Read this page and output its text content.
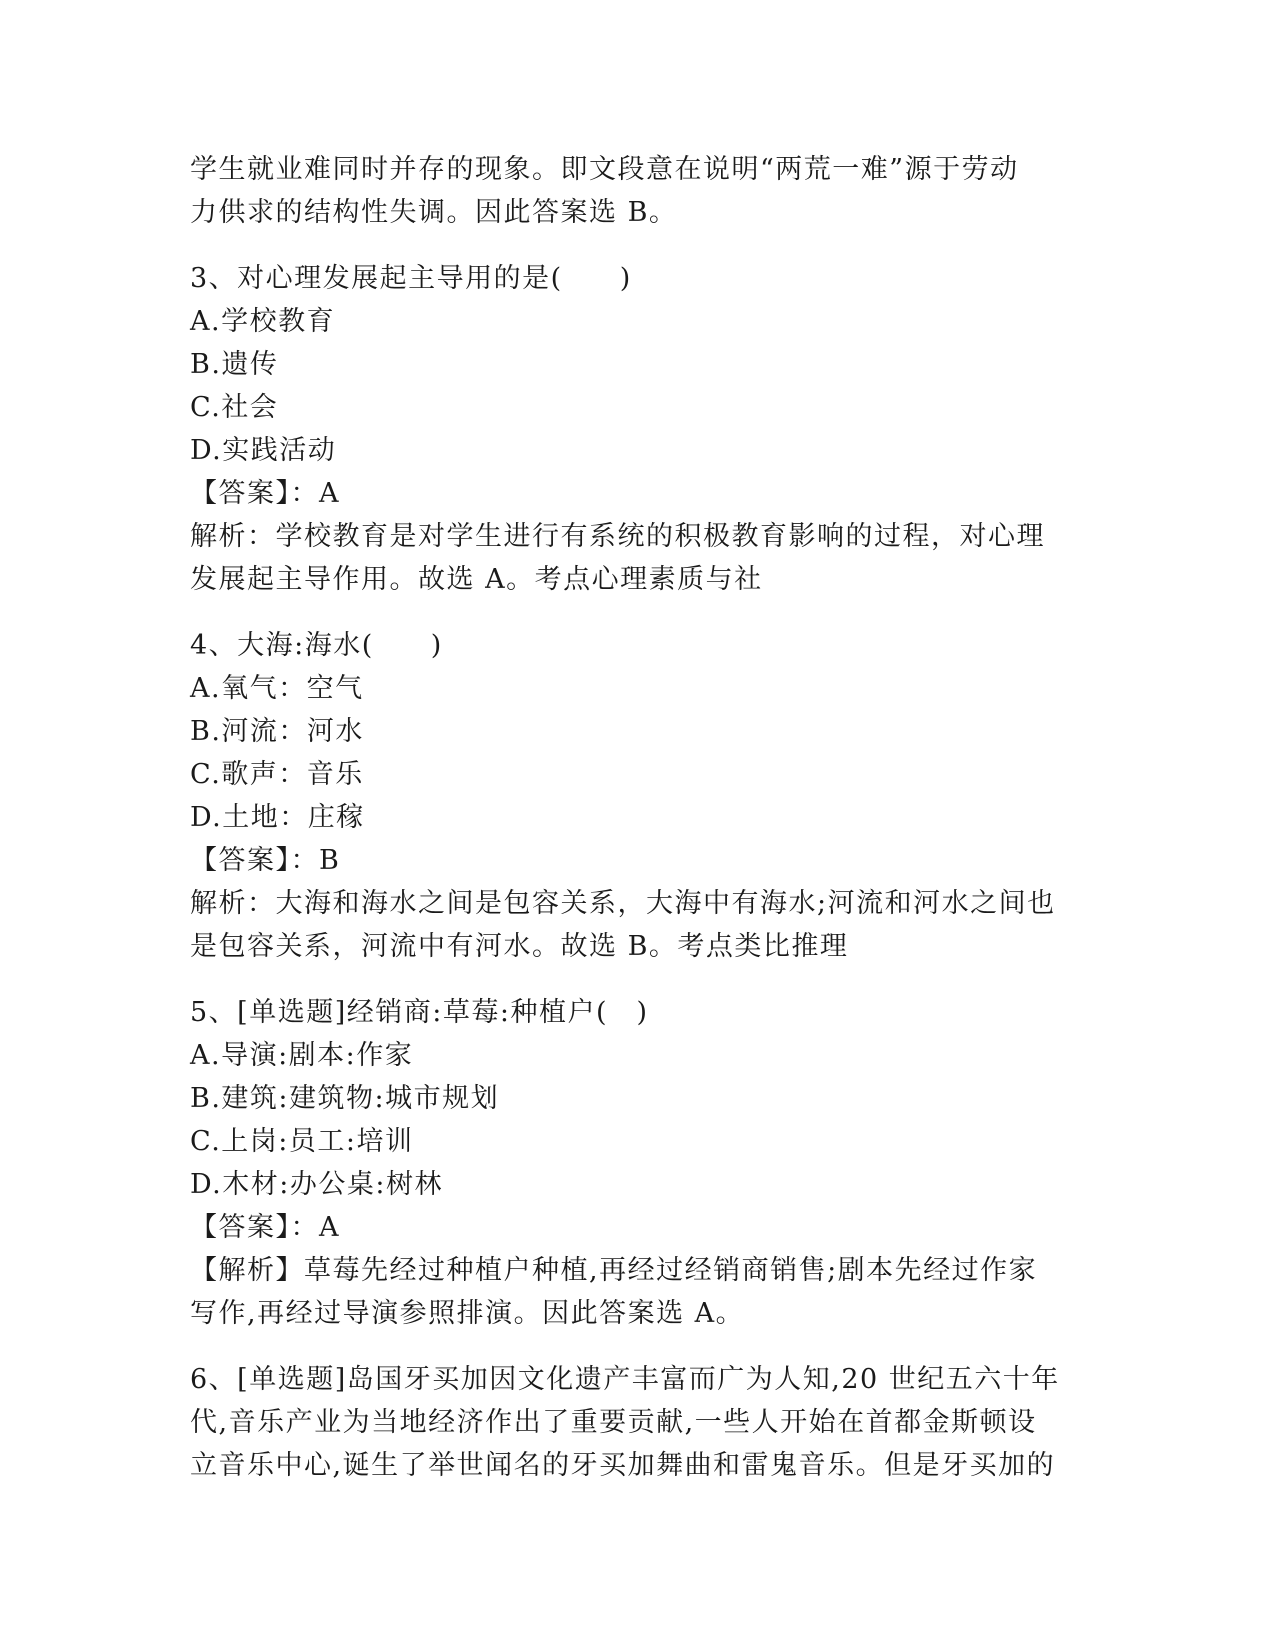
学生就业难同时并存的现象。即文段意在说明“两荒一难”源于劳动
力供求的结构性失调。因此答案选 B。
3、对心理发展起主导用的是(　　)
A.学校教育
B.遗传
C.社会
D.实践活动
【答案】：A
解析：学校教育是对学生进行有系统的积极教育影响的过程，对心理
发展起主导作用。故选 A。考点心理素质与社
4、大海:海水(　　)
A.氧气：空气
B.河流：河水
C.歌声：音乐
D.土地：庄稼
【答案】：B
解析：大海和海水之间是包容关系，大海中有海水;河流和河水之间也
是包容关系，河流中有河水。故选 B。考点类比推理
5、[单选题]经销商:草莓:种植户(　)
A.导演:剧本:作家
B.建筑:建筑物:城市规划
C.上岗:员工:培训
D.木材:办公桌:树林
【答案】：A
【解析】草莓先经过种植户种植,再经过经销商销售;剧本先经过作家
写作,再经过导演参照排演。因此答案选 A。
6、[单选题]岛国牙买加因文化遗产丰富而广为人知,20 世纪五六十年
代,音乐产业为当地经济作出了重要贡献,一些人开始在首都金斯顿设
立音乐中心,诞生了举世闻名的牙买加舞曲和雷鬼音乐。但是牙买加的
